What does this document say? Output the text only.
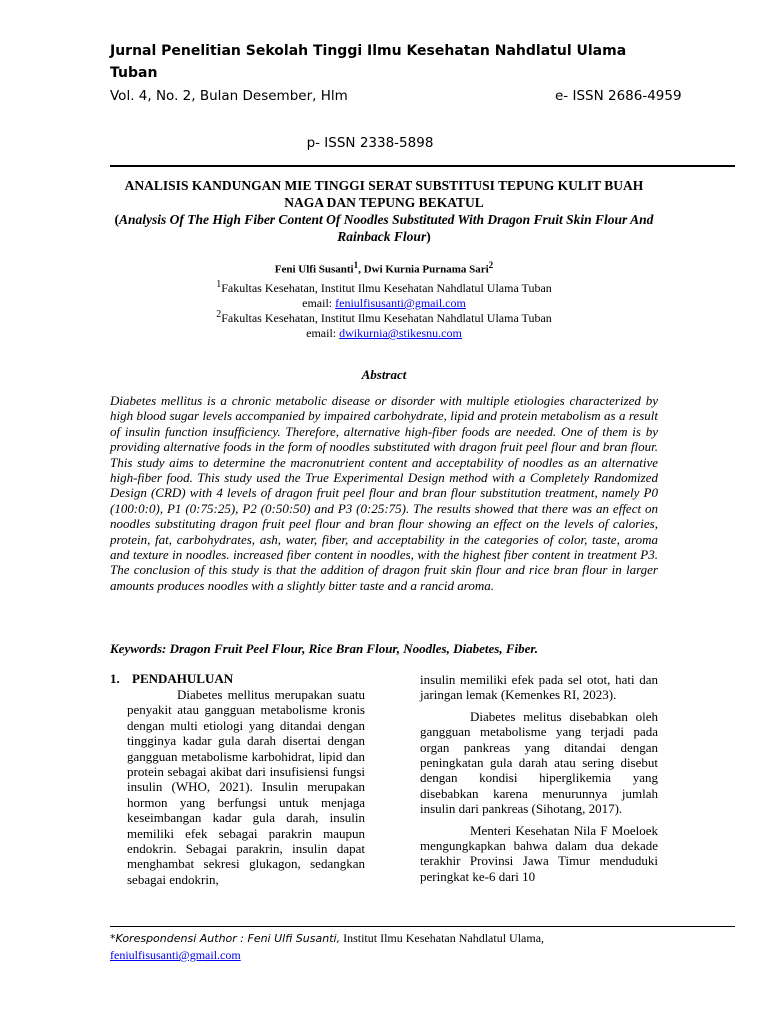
Jurnal Penelitian Sekolah Tinggi Ilmu Kesehatan Nahdlatul Ulama Tuban
Vol. 4, No. 2, Bulan Desember, Hlm	e- ISSN 2686-4959
p- ISSN 2338-5898
ANALISIS KANDUNGAN MIE TINGGI SERAT SUBSTITUSI TEPUNG KULIT BUAH NAGA DAN TEPUNG BEKATUL
(Analysis Of The High Fiber Content Of Noodles Substituted With Dragon Fruit Skin Flour And Rainback Flour)
Feni Ulfi Susanti$^1$, Dwi Kurnia Purnama Sari$^2$
$^1$Fakultas Kesehatan, Institut Ilmu Kesehatan Nahdlatul Ulama Tuban
email: feniulfisusanti@gmail.com
$^2$Fakultas Kesehatan, Institut Ilmu Kesehatan Nahdlatul Ulama Tuban
email: dwikurnia@stikesnu.com
Abstract
Diabetes mellitus is a chronic metabolic disease or disorder with multiple etiologies characterized by high blood sugar levels accompanied by impaired carbohydrate, lipid and protein metabolism as a result of insulin function insufficiency. Therefore, alternative high-fiber foods are needed. One of them is by providing alternative foods in the form of noodles substituted with dragon fruit peel flour and bran flour. This study aims to determine the macronutrient content and acceptability of noodles as an alternative high-fiber food. This study used the True Experimental Design method with a Completely Randomized Design (CRD) with 4 levels of dragon fruit peel flour and bran flour substitution treatment, namely P0 (100:0:0), P1 (0:75:25), P2 (0:50:50) and P3 (0:25:75). The results showed that there was an effect on noodles substituting dragon fruit peel flour and bran flour showing an effect on the levels of calories, protein, fat, carbohydrates, ash, water, fiber, and acceptability in the categories of color, taste, aroma and texture in noodles. increased fiber content in noodles, with the highest fiber content in treatment P3. The conclusion of this study is that the addition of dragon fruit skin flour and rice bran flour in larger amounts produces noodles with a slightly bitter taste and a rancid aroma.
Keywords: Dragon Fruit Peel Flour, Rice Bran Flour, Noodles, Diabetes, Fiber.
1. PENDAHULUAN

Diabetes mellitus merupakan suatu penyakit atau gangguan metabolisme kronis dengan multi etiologi yang ditandai dengan tingginya kadar gula darah disertai dengan gangguan metabolisme karbohidrat, lipid dan protein sebagai akibat dari insufisiensi fungsi insulin (WHO, 2021). Insulin merupakan hormon yang berfungsi untuk menjaga keseimbangan kadar gula darah, insulin memiliki efek sebagai parakrin maupun endokrin. Sebagai parakrin, insulin dapat menghambat sekresi glukagon, sedangkan sebagai endokrin,

insulin memiliki efek pada sel otot, hati dan jaringan lemak (Kemenkes RI, 2023).

Diabetes melitus disebabkan oleh gangguan metabolisme yang terjadi pada organ pankreas yang ditandai dengan peningkatan gula darah atau sering disebut dengan kondisi hiperglikemia yang disebabkan karena menurunnya jumlah insulin dari pankreas (Sihotang, 2017).

Menteri Kesehatan Nila F Moeloek mengungkapkan bahwa dalam dua dekade terakhir Provinsi Jawa Timur menduduki peringkat ke-6 dari 10

*Korespondensi Author : Feni Ulfi Susanti, Institut Ilmu Kesehatan Nahdlatul Ulama,
feniulfisusanti@gmail.com
